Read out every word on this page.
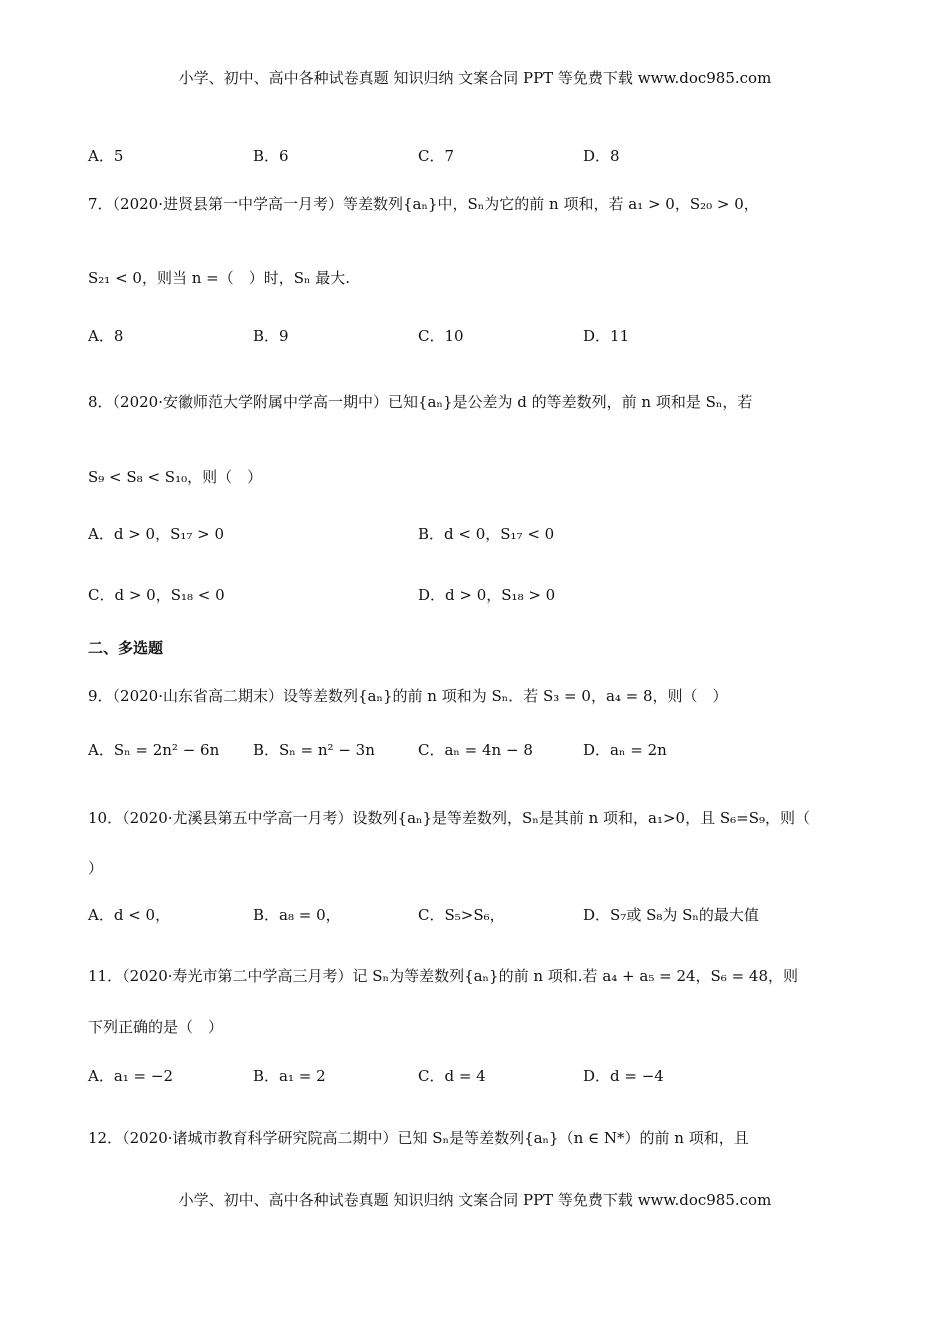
小学、初中、高中各种试卷真题 知识归纳 文案合同 PPT 等免费下载 www.doc985.com
A．5	B．6	C．7	D．8
7．（2020·进贤县第一中学高一月考）等差数列{aₙ}中，Sₙ为它的前 n 项和，若 a₁ > 0，S₂₀ > 0，
S₂₁ < 0，则当 n =（　）时，Sₙ 最大.
A．8	B．9	C．10	D．11
8．（2020·安徽师范大学附属中学高一期中）已知{aₙ}是公差为 d 的等差数列，前 n 项和是 Sₙ，若
S₉ < S₈ < S₁₀，则（　）
A．d > 0，S₁₇ > 0	B．d < 0，S₁₇ < 0
C．d > 0，S₁₈ < 0	D．d > 0，S₁₈ > 0
二、多选题
9．（2020·山东省高二期末）设等差数列{aₙ}的前 n 项和为 Sₙ．若 S₃ = 0，a₄ = 8，则（　）
A．Sₙ = 2n² − 6n B．Sₙ = n² − 3n	C．aₙ = 4n − 8	D．aₙ = 2n
10．（2020·尤溪县第五中学高一月考）设数列{aₙ}是等差数列，Sₙ是其前 n 项和，a₁>0，且 S₆=S₉，则（
）
A．d < 0，	B．a₈ = 0，	C．S₅>S₆，	D．S₇或 S₈为 Sₙ的最大值
11．（2020·寿光市第二中学高三月考）记 Sₙ为等差数列{aₙ}的前 n 项和.若 a₄ + a₅ = 24，S₆ = 48，则
下列正确的是（　）
A．a₁ = −2	B．a₁ = 2	C．d = 4	D．d = −4
12．（2020·诸城市教育科学研究院高二期中）已知 Sₙ是等差数列{aₙ}（n ∈ N*）的前 n 项和，且
小学、初中、高中各种试卷真题 知识归纳 文案合同 PPT 等免费下载 www.doc985.com
